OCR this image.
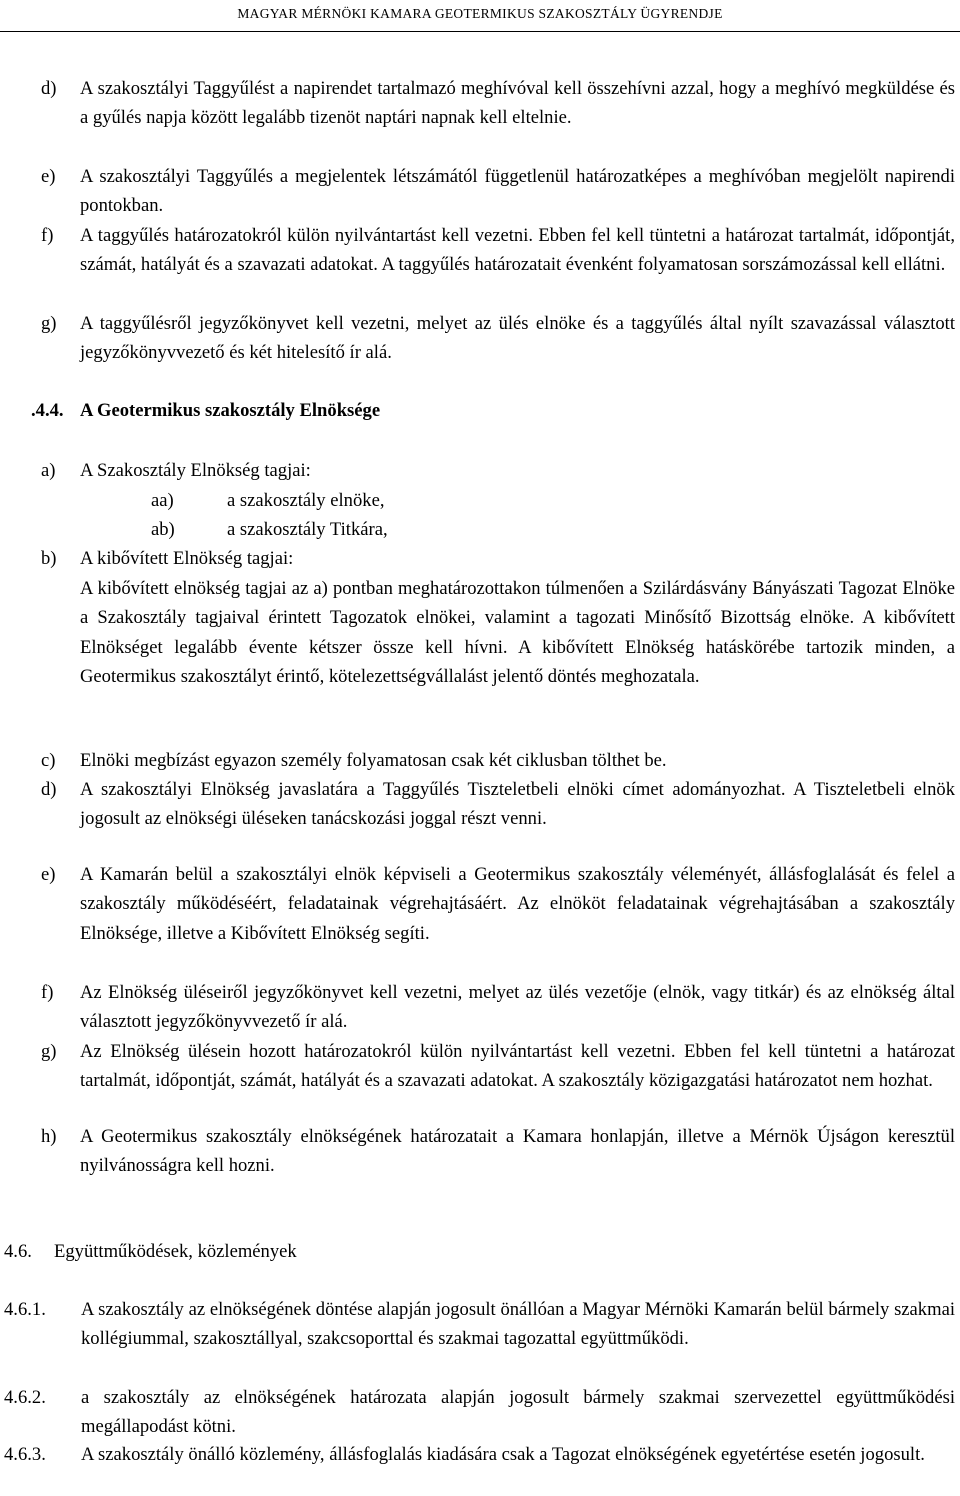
MAGYAR MÉRNÖKI KAMARA GEOTERMIKUS SZAKOSZTÁLY ÜGYRENDJE
d) A szakosztályi Taggyűlést a napirendet tartalmazó meghívóval kell összehívni azzal, hogy a meghívó megküldése és a gyűlés napja között legalább tizenöt naptári napnak kell eltelnie.
e) A szakosztályi Taggyűlés a megjelentek létszámától függetlenül határozatképes a meghívóban megjelölt napirendi pontokban.
f) A taggyűlés határozatokról külön nyilvántartást kell vezetni. Ebben fel kell tüntetni a határozat tartalmát, időpontját, számát, hatályát és a szavazati adatokat. A taggyűlés határozatait évenként folyamatosan sorszámozással kell ellátni.
g) A taggyűlésről jegyzőkönyvet kell vezetni, melyet az ülés elnöke és a taggyűlés által nyílt szavazással választott jegyzőkönyvvezető és két hitelesítő ír alá.
.4.4. A Geotermikus szakosztály Elnöksége
a) A Szakosztály Elnökség tagjai:
aa)	a szakosztály elnöke,
ab)	a szakosztály Titkára,
b) A kibővített Elnökség tagjai:
A kibővített elnökség tagjai az a) pontban meghatározottakon túlmenően a Szilárdásvány Bányászati Tagozat Elnöke a Szakosztály tagjaival érintett Tagozatok elnökei, valamint a tagozati Minősítő Bizottság elnöke. A kibővített Elnökséget legalább évente kétszer össze kell hívni. A kibővített Elnökség hatáskörébe tartozik minden, a Geotermikus szakosztályt érintő, kötelezettségvállalást jelentő döntés meghozatala.
c) Elnöki megbízást egyazon személy folyamatosan csak két ciklusban tölthet be.
d) A szakosztályi Elnökség javaslatára a Taggyűlés Tiszteletbeli elnöki címet adományozhat. A Tiszteletbeli elnök jogosult az elnökségi üléseken tanácskozási joggal részt venni.
e) A Kamarán belül a szakosztályi elnök képviseli a Geotermikus szakosztály véleményét, állásfoglalását és felel a szakosztály működéséért, feladatainak végrehajtásáért. Az elnököt feladatainak végrehajtásában a szakosztály Elnöksége, illetve a Kibővített Elnökség segíti.
f) Az Elnökség üléseiről jegyzőkönyvet kell vezetni, melyet az ülés vezetője (elnök, vagy titkár) és az elnökség által választott jegyzőkönyvvezető ír alá.
g) Az Elnökség ülésein hozott határozatokról külön nyilvántartást kell vezetni. Ebben fel kell tüntetni a határozat tartalmát, időpontját, számát, hatályát és a szavazati adatokat. A szakosztály közigazgatási határozatot nem hozhat.
h) A Geotermikus szakosztály elnökségének határozatait a Kamara honlapján, illetve a Mérnök Újságon keresztül nyilvánosságra kell hozni.
4.6. Együttműködések, közlemények
4.6.1. A szakosztály az elnökségének döntése alapján jogosult önállóan a Magyar Mérnöki Kamarán belül bármely szakmai kollégiummal, szakosztállyal, szakcsoporttal és szakmai tagozattal együttműködi.
4.6.2. a szakosztály az elnökségének határozata alapján jogosult bármely szakmai szervezettel együttműködési megállapodást kötni.
4.6.3. A szakosztály önálló közlemény, állásfoglalás kiadására csak a Tagozat elnökségének egyetértése esetén jogosult.
